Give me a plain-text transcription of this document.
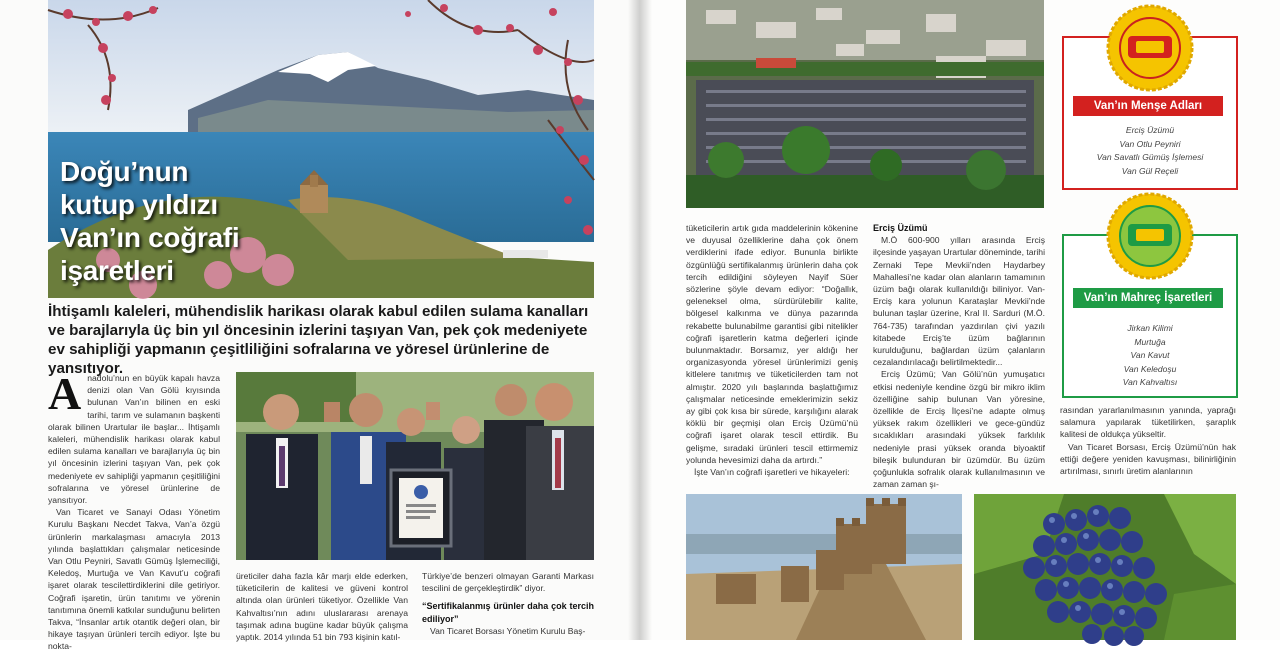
Doğu’nun
kutup yıldızı
Van’ın coğrafi
işaretleri

İhtişamlı kaleleri, mühendislik harikası olarak kabul edilen sulama kanalları ve barajlarıyla üç bin yıl öncesinin izlerini taşıyan Van, pek çok medeniyete ev sahipliği yapmanın çeşitliliğini sofralarına ve yöresel ürünlerine de yansıtıyor.

Anadolu’nun en büyük kapalı havza denizi olan Van Gölü kıyısında bulunan Van’ın bilinen en eski tarihi, tarım ve sulamanın başkenti olarak bilinen Urartular ile başlar... İhtişamlı kaleleri, mühendislik harikası olarak kabul edilen sulama kanalları ve barajlarıyla üç bin yıl öncesinin izlerini taşıyan Van, pek çok medeniyete ev sahipliği yapmanın çeşitliliğini sofralarına ve yöresel ürünlerine de yansıtıyor.

Van Ticaret ve Sanayi Odası Yönetim Kurulu Başkanı Necdet Takva, Van’a özgü ürünlerin markalaşması amacıyla 2013 yılında başlattıkları çalışmalar neticesinde Van Otlu Peyniri, Savatlı Gümüş İşlemeciliği, Keledoş, Murtuğa ve Van Kavut’u coğrafi işaret olarak tescilettirdiklerini dile getiriyor. Coğrafi işaretin, ürün tanıtımı ve yörenin tanıtımına önemli katkılar sunduğunu belirten Takva, “İnsanlar artık otantik değeri olan, bir hikaye taşıyan ürünleri tercih ediyor. İşte bu nokta-

üreticiler daha fazla kâr marjı elde ederken, tüketicilerin de kalitesi ve güveni kontrol altında olan ürünleri tüketiyor. Özellikle Van Kahvaltısı’nın adını uluslararası arenaya taşımak adına bugüne kadar büyük çalışma yaptık. 2014 yılında 51 bin 793 kişinin katıl-

Türkiye’de benzeri olmayan Garanti Markası tescilini de gerçekleştirdik” diyor.

“Sertifikalanmış ürünler daha çok tercih ediliyor”

Van Ticaret Borsası Yönetim Kurulu Baş-

Van’ın Menşe Adları
Erciş Üzümü
Van Otlu Peyniri
Van Savatlı Gümüş İşlemesi
Van Gül Reçeli
Van’ın Mahreç İşaretleri
Jirkan Kilimi
Murtuğa
Van Kavut
Van Keledoşu
Van Kahvaltısı

tüketicilerin artık gıda maddelerinin kökenine ve duyusal özelliklerine daha çok önem verdiklerini ifade ediyor. Bununla birlikte özgünlüğü sertifikalanmış ürünlerin daha çok tercih edildiğini söyleyen Nayif Süer sözlerine şöyle devam ediyor: “Doğallık, geleneksel olma, sürdürülebilir kalite, bölgesel kalkınma ve dünya pazarında rekabette bulunabilme garantisi gibi nitelikler coğrafi işaretlerin katma değerleri içinde bulunmaktadır. Borsamız, yer aldığı her organizasyonda yöresel ürünlerimizi geniş kitlelere tanıtmış ve tüketicilerden tam not almıştır. 2020 yılı başlarında başlattığımız çalışmalar neticesinde emeklerimizin sekiz ay gibi çok kısa bir sürede, karşılığını alarak köklü bir geçmişi olan Erciş Üzümü’nü coğrafi işaret olarak tescil ettirdik. Bu gelişme, sıradaki ürünleri tescil ettirmemiz yolunda hevesimizi daha da artırdı.”

İşte Van’ın coğrafi işaretleri ve hikayeleri:

Erciş Üzümü

M.Ö 600-900 yılları arasında Erciş ilçesinde yaşayan Urartular döneminde, tarihi Zernaki Tepe Mevkii’nden Haydarbey Mahallesi’ne kadar olan alanların tamamının üzüm bağı olarak kullanıldığı biliniyor. Van-Erciş kara yolunun Karataşlar Mevkii’nde bulunan taşlar üzerine, Kral II. Sarduri (M.Ö. 764-735) tarafından yazdırılan çivi yazılı kitabede Erciş’te üzüm bağlarının kurulduğunu, bağlardan üzüm çalanların cezalandırılacağı belirtilmektedir...

Erciş Üzümü; Van Gölü’nün yumuşatıcı etkisi nedeniyle kendine özgü bir mikro iklim özelliğine sahip bulunan Van yöresine, özellikle de Erciş İlçesi’ne adapte olmuş yüksek rakım özellikleri ve gece-gündüz sıcaklıkları arasındaki yüksek farklılık nedeniyle prasi yüksek oranda biyoaktif bileşik bulunduran bir üzümdür. Bu üzüm çoğunlukla sofralık olarak kullanılmasının ve zaman zaman şı-

rasından yararlanılmasının yanında, yaprağı salamura yapılarak tüketilirken, şaraplık kalitesi de oldukça yükseltir.

Van Ticaret Borsası, Erciş Üzümü’nün hak ettiği değere yeniden kavuşması, bilinirliğinin artırılması, sınırlı üretim alanlarının
